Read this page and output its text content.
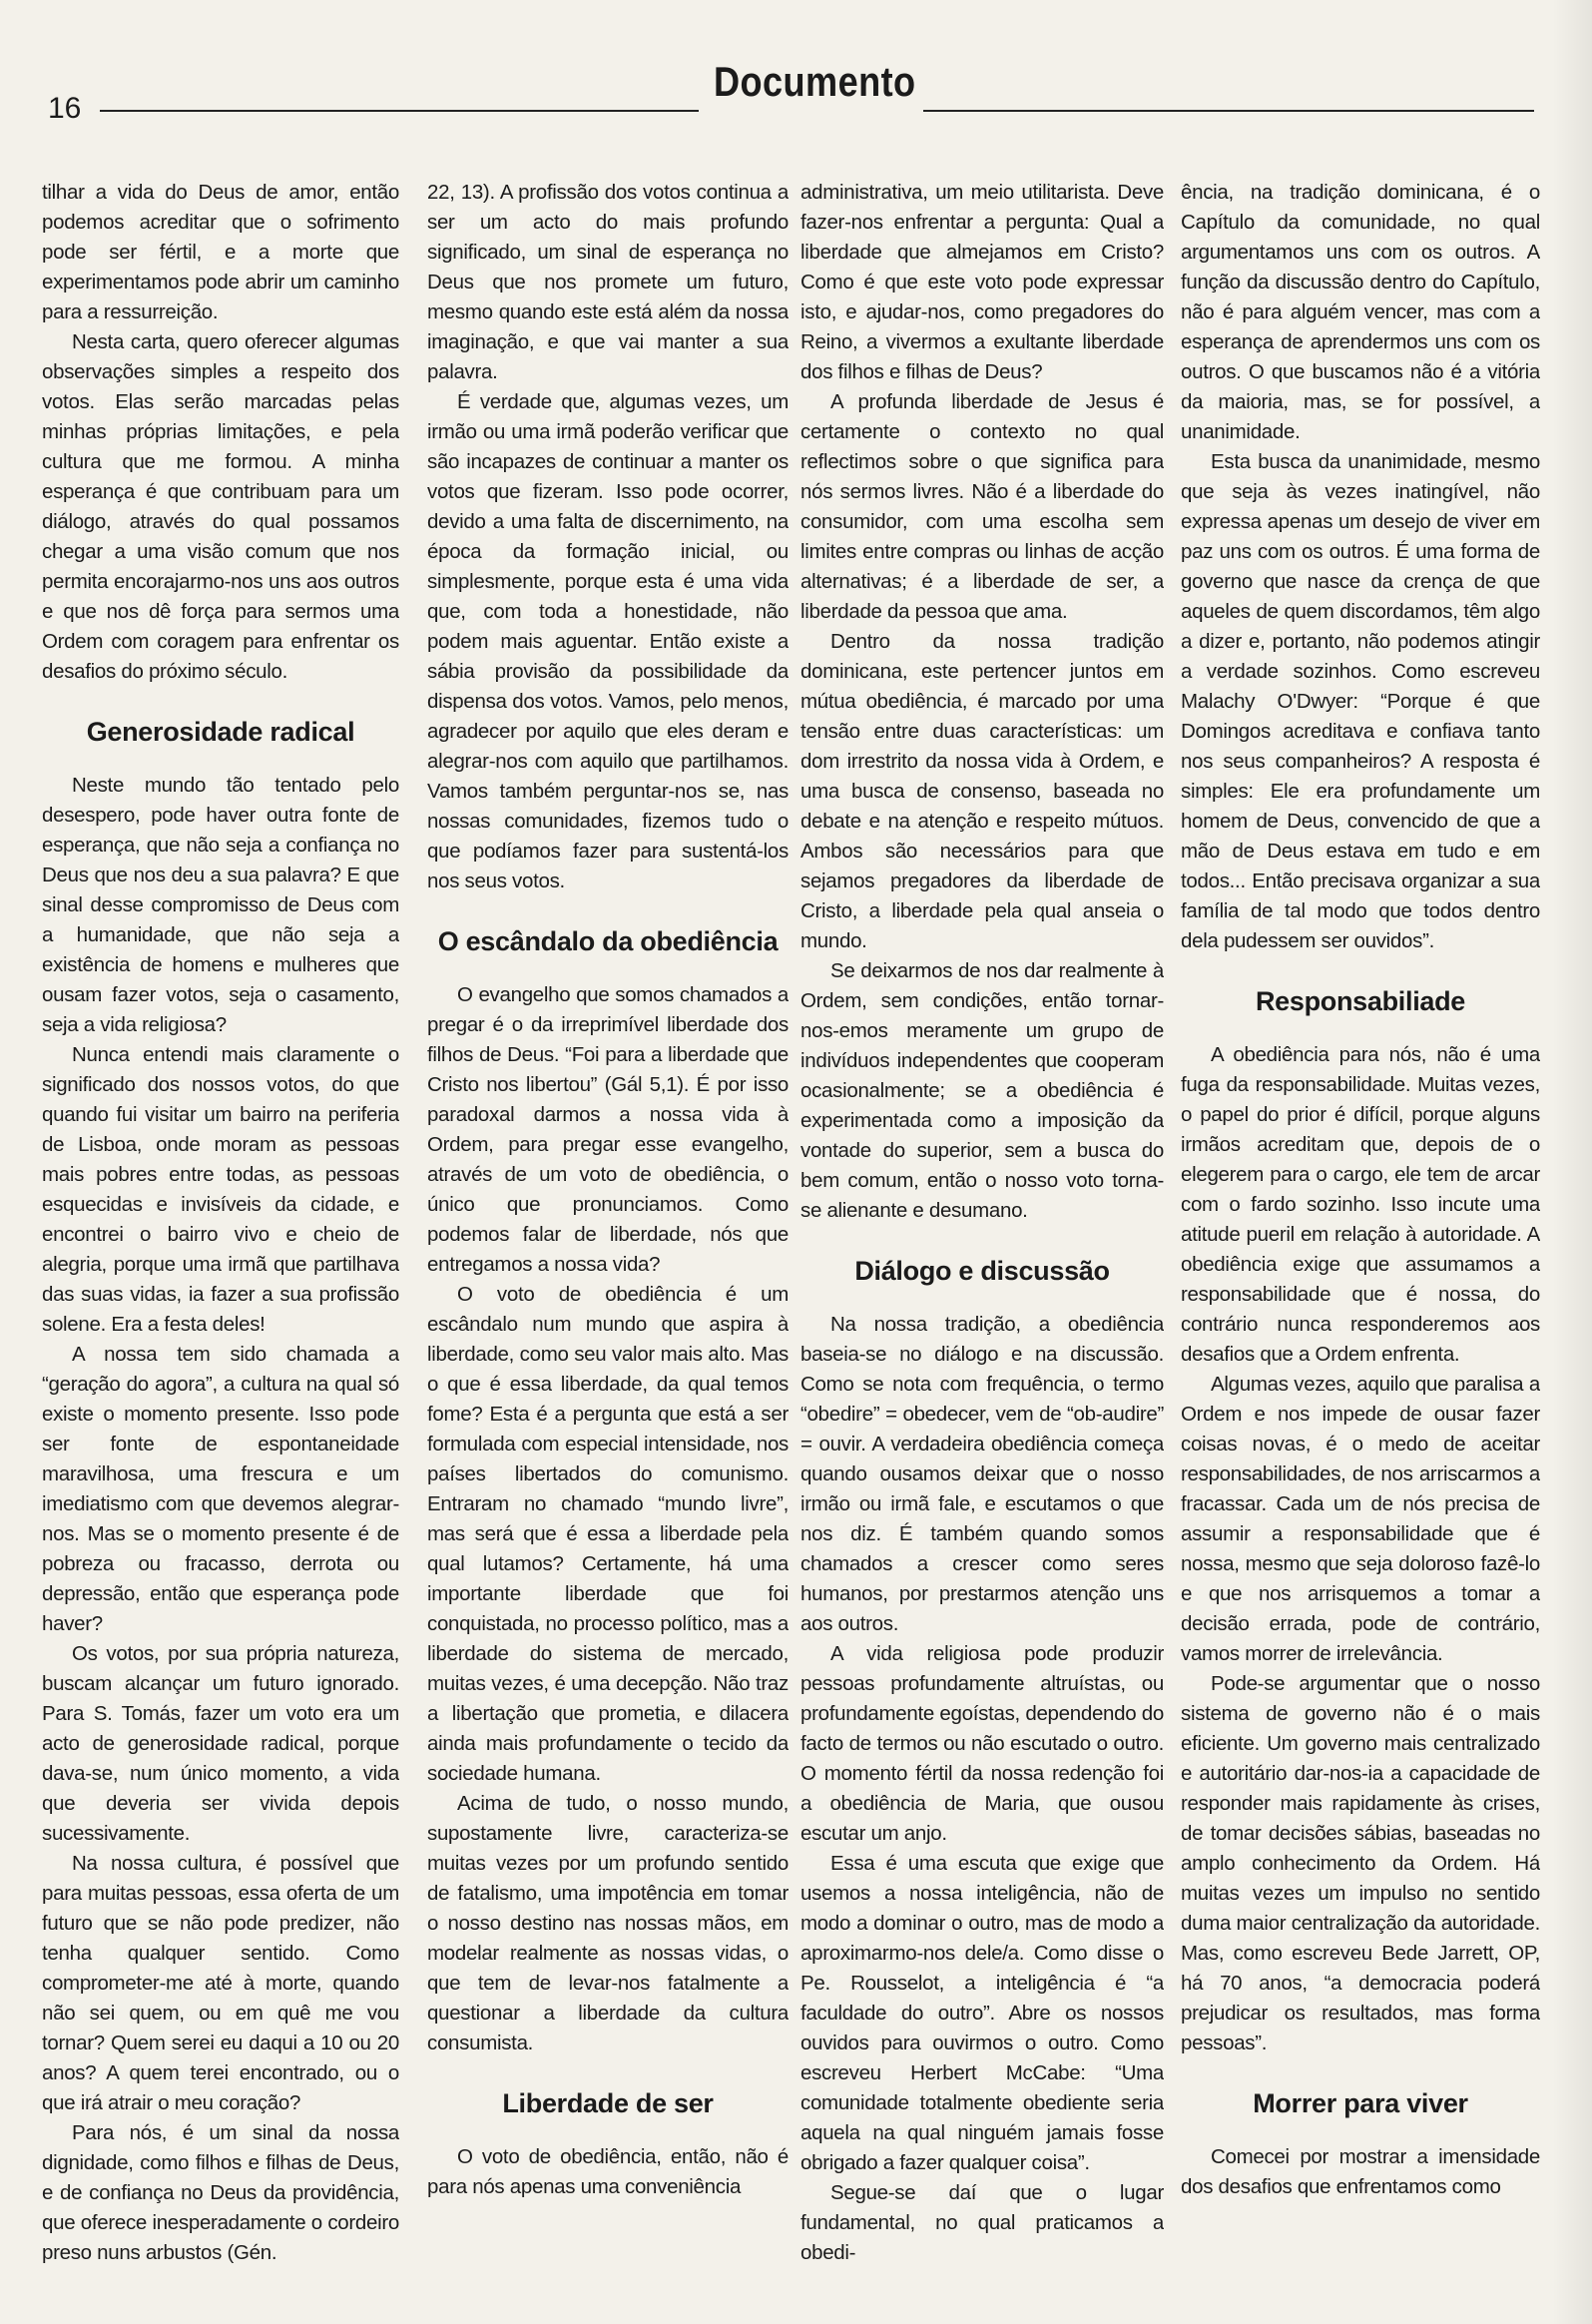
16
Documento

tilhar a vida do Deus de amor, então podemos acreditar que o sofrimento pode ser fértil, e a morte que experimentamos pode abrir um caminho para a ressurreição.

Nesta carta, quero oferecer algumas observações simples a respeito dos votos. Elas serão marcadas pelas minhas próprias limitações, e pela cultura que me formou. A minha esperança é que contribuam para um diálogo, através do qual possamos chegar a uma visão comum que nos permita encorajarmo-nos uns aos outros e que nos dê força para sermos uma Ordem com coragem para enfrentar os desafios do próximo século.

Generosidade radical

Neste mundo tão tentado pelo desespero, pode haver outra fonte de esperança, que não seja a confiança no Deus que nos deu a sua palavra? E que sinal desse compromisso de Deus com a humanidade, que não seja a existência de homens e mulheres que ousam fazer votos, seja o casamento, seja a vida religiosa?

Nunca entendi mais claramente o significado dos nossos votos, do que quando fui visitar um bairro na periferia de Lisboa, onde moram as pessoas mais pobres entre todas, as pessoas esquecidas e invisíveis da cidade, e encontrei o bairro vivo e cheio de alegria, porque uma irmã que partilhava das suas vidas, ia fazer a sua profissão solene. Era a festa deles!

A nossa tem sido chamada a “geração do agora”, a cultura na qual só existe o momento presente. Isso pode ser fonte de espontaneidade maravilhosa, uma frescura e um imediatismo com que devemos alegrar-nos. Mas se o momento presente é de pobreza ou fracasso, derrota ou depressão, então que esperança pode haver?

Os votos, por sua própria natureza, buscam alcançar um futuro ignorado. Para S. Tomás, fazer um voto era um acto de generosidade radical, porque dava-se, num único momento, a vida que deveria ser vivida depois sucessivamente.

Na nossa cultura, é possível que para muitas pessoas, essa oferta de um futuro que se não pode predizer, não tenha qualquer sentido. Como comprometer-me até à morte, quando não sei quem, ou em quê me vou tornar? Quem serei eu daqui a 10 ou 20 anos? A quem terei encontrado, ou o que irá atrair o meu coração?

Para nós, é um sinal da nossa dignidade, como filhos e filhas de Deus, e de confiança no Deus da providência, que oferece inesperadamente o cordeiro preso nuns arbustos (Gén.

22, 13). A profissão dos votos continua a ser um acto do mais profundo significado, um sinal de esperança no Deus que nos promete um futuro, mesmo quando este está além da nossa imaginação, e que vai manter a sua palavra.

É verdade que, algumas vezes, um irmão ou uma irmã poderão verificar que são incapazes de continuar a manter os votos que fizeram. Isso pode ocorrer, devido a uma falta de discernimento, na época da formação inicial, ou simplesmente, porque esta é uma vida que, com toda a honestidade, não podem mais aguentar. Então existe a sábia provisão da possibilidade da dispensa dos votos. Vamos, pelo menos, agradecer por aquilo que eles deram e alegrar-nos com aquilo que partilhamos. Vamos também perguntar-nos se, nas nossas comunidades, fizemos tudo o que podíamos fazer para sustentá-los nos seus votos.

O escândalo da obediência

O evangelho que somos chamados a pregar é o da irreprimível liberdade dos filhos de Deus. “Foi para a liberdade que Cristo nos libertou” (Gál 5,1). É por isso paradoxal darmos a nossa vida à Ordem, para pregar esse evangelho, através de um voto de obediência, o único que pronunciamos. Como podemos falar de liberdade, nós que entregamos a nossa vida?

O voto de obediência é um escândalo num mundo que aspira à liberdade, como seu valor mais alto. Mas o que é essa liberdade, da qual temos fome? Esta é a pergunta que está a ser formulada com especial intensidade, nos países libertados do comunismo. Entraram no chamado “mundo livre”, mas será que é essa a liberdade pela qual lutamos? Certamente, há uma importante liberdade que foi conquistada, no processo político, mas a liberdade do sistema de mercado, muitas vezes, é uma decepção. Não traz a libertação que prometia, e dilacera ainda mais profundamente o tecido da sociedade humana.

Acima de tudo, o nosso mundo, supostamente livre, caracteriza-se muitas vezes por um profundo sentido de fatalismo, uma impotência em tomar o nosso destino nas nossas mãos, em modelar realmente as nossas vidas, o que tem de levar-nos fatalmente a questionar a liberdade da cultura consumista.

Liberdade de ser

O voto de obediência, então, não é para nós apenas uma conveniência

administrativa, um meio utilitarista. Deve fazer-nos enfrentar a pergunta: Qual a liberdade que almejamos em Cristo? Como é que este voto pode expressar isto, e ajudar-nos, como pregadores do Reino, a vivermos a exultante liberdade dos filhos e filhas de Deus?

A profunda liberdade de Jesus é certamente o contexto no qual reflectimos sobre o que significa para nós sermos livres. Não é a liberdade do consumidor, com uma escolha sem limites entre compras ou linhas de acção alternativas; é a liberdade de ser, a liberdade da pessoa que ama.

Dentro da nossa tradição dominicana, este pertencer juntos em mútua obediência, é marcado por uma tensão entre duas características: um dom irrestrito da nossa vida à Ordem, e uma busca de consenso, baseada no debate e na atenção e respeito mútuos. Ambos são necessários para que sejamos pregadores da liberdade de Cristo, a liberdade pela qual anseia o mundo.

Se deixarmos de nos dar realmente à Ordem, sem condições, então tornar-nos-emos meramente um grupo de indivíduos independentes que cooperam ocasionalmente; se a obediência é experimentada como a imposição da vontade do superior, sem a busca do bem comum, então o nosso voto torna-se alienante e desumano.

Diálogo e discussão

Na nossa tradição, a obediência baseia-se no diálogo e na discussão. Como se nota com frequência, o termo “obedire” = obedecer, vem de “ob-audire” = ouvir. A verdadeira obediência começa quando ousamos deixar que o nosso irmão ou irmã fale, e escutamos o que nos diz. É também quando somos chamados a crescer como seres humanos, por prestarmos atenção uns aos outros.

A vida religiosa pode produzir pessoas profundamente altruístas, ou profundamente egoístas, dependendo do facto de termos ou não escutado o outro. O momento fértil da nossa redenção foi a obediência de Maria, que ousou escutar um anjo.

Essa é uma escuta que exige que usemos a nossa inteligência, não de modo a dominar o outro, mas de modo a aproximarmo-nos dele/a. Como disse o Pe. Rousselot, a inteligência é “a faculdade do outro”. Abre os nossos ouvidos para ouvirmos o outro. Como escreveu Herbert McCabe: “Uma comunidade totalmente obediente seria aquela na qual ninguém jamais fosse obrigado a fazer qualquer coisa”.

Segue-se daí que o lugar fundamental, no qual praticamos a obedi-

ência, na tradição dominicana, é o Capítulo da comunidade, no qual argumentamos uns com os outros. A função da discussão dentro do Capítulo, não é para alguém vencer, mas com a esperança de aprendermos uns com os outros. O que buscamos não é a vitória da maioria, mas, se for possível, a unanimidade.

Esta busca da unanimidade, mesmo que seja às vezes inatingível, não expressa apenas um desejo de viver em paz uns com os outros. É uma forma de governo que nasce da crença de que aqueles de quem discordamos, têm algo a dizer e, portanto, não podemos atingir a verdade sozinhos. Como escreveu Malachy O'Dwyer: “Porque é que Domingos acreditava e confiava tanto nos seus companheiros? A resposta é simples: Ele era profundamente um homem de Deus, convencido de que a mão de Deus estava em tudo e em todos... Então precisava organizar a sua família de tal modo que todos dentro dela pudessem ser ouvidos”.

Responsabiliade

A obediência para nós, não é uma fuga da responsabilidade. Muitas vezes, o papel do prior é difícil, porque alguns irmãos acreditam que, depois de o elegerem para o cargo, ele tem de arcar com o fardo sozinho. Isso incute uma atitude pueril em relação à autoridade. A obediência exige que assumamos a responsabilidade que é nossa, do contrário nunca responderemos aos desafios que a Ordem enfrenta.

Algumas vezes, aquilo que paralisa a Ordem e nos impede de ousar fazer coisas novas, é o medo de aceitar responsabilidades, de nos arriscarmos a fracassar. Cada um de nós precisa de assumir a responsabilidade que é nossa, mesmo que seja doloroso fazê-lo e que nos arrisquemos a tomar a decisão errada, pode de contrário, vamos morrer de irrelevância.

Pode-se argumentar que o nosso sistema de governo não é o mais eficiente. Um governo mais centralizado e autoritário dar-nos-ia a capacidade de responder mais rapidamente às crises, de tomar decisões sábias, baseadas no amplo conhecimento da Ordem. Há muitas vezes um impulso no sentido duma maior centralização da autoridade. Mas, como escreveu Bede Jarrett, OP, há 70 anos, “a democracia poderá prejudicar os resultados, mas forma pessoas”.

Morrer para viver

Comecei por mostrar a imensidade dos desafios que enfrentamos como
